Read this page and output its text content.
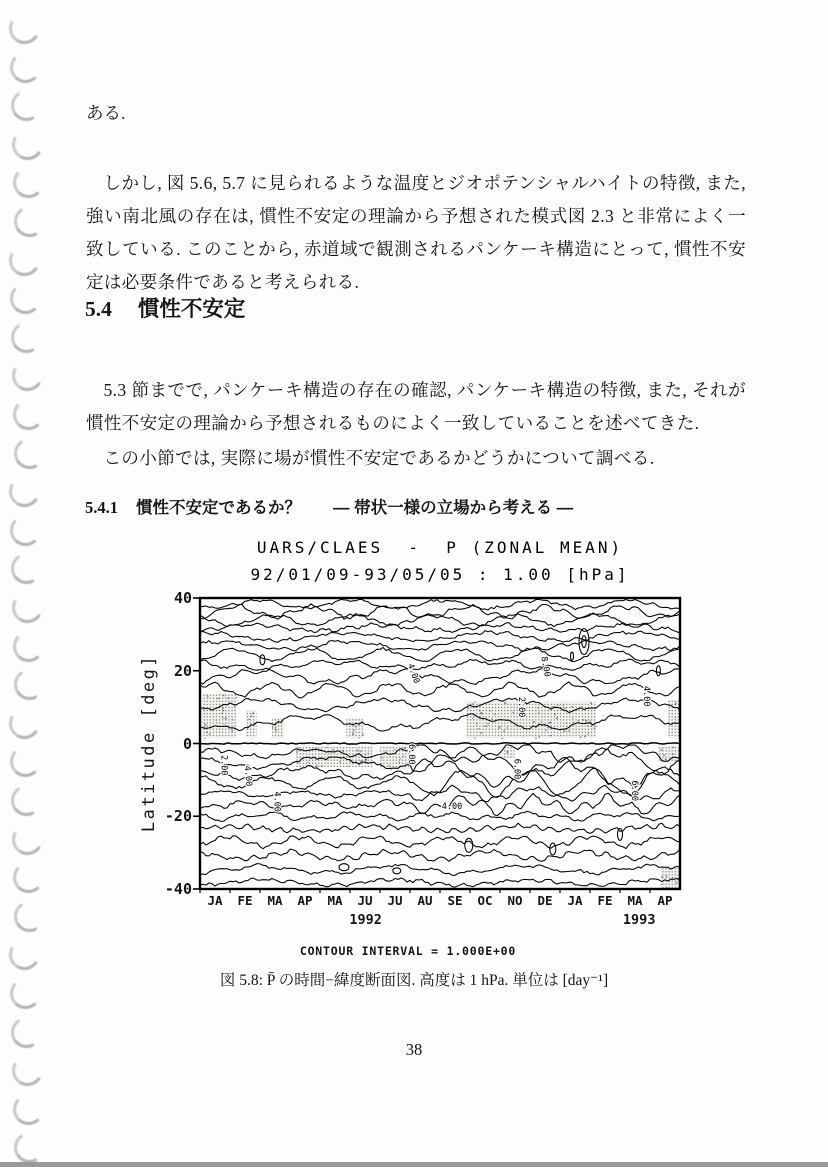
ある.

しかし, 図 5.6, 5.7 に見られるような温度とジオポテンシャルハイトの特徴, また, 強い南北風の存在は, 慣性不安定の理論から予想された模式図 2.3 と非常によく一致している. このことから, 赤道域で観測されるパンケーキ構造にとって, 慣性不安定は必要条件であると考えられる.

5.4 慣性不安定

5.3 節までで, パンケーキ構造の存在の確認, パンケーキ構造の特徴, また, それが慣性不安定の理論から予想されるものによく一致していることを述べてきた.

この小節では, 実際に場が慣性不安定であるかどうかについて調べる.

5.4.1 慣性不安定であるか？ — 帯状一様の立場から考える —
UARS/CLAES  -  P (ZONAL MEAN)
92/01/09-93/05/05 : 1.00 [hPa]
Latitude [deg]
40
20
0
-20
-40
2.00
4.00
8.00
4.00
2.00
4.00
4.00
6.00
6.00
4.00
6.00
JA	FE	MA	AP	MA	JU	JU	AU	SE	OC	NO	DE	JA	FE	MA	AP
1992	1993
CONTOUR INTERVAL = 1.000E+00
図 5.8: P̄ の時間−緯度断面図. 高度は 1 hPa. 単位は [day⁻¹]
38
